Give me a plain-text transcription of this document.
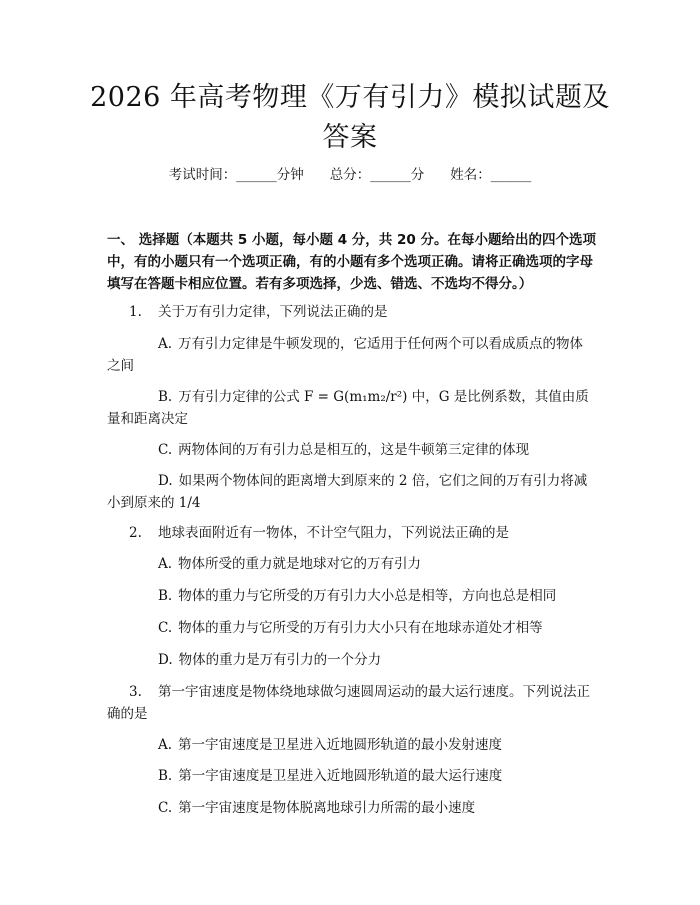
2026 年高考物理《万有引力》模拟试题及答案
考试时间：______分钟 总分：______分 姓名：______
一、 选择题（本题共 5 小题，每小题 4 分，共 20 分。在每小题给出的四个选项中，有的小题只有一个选项正确，有的小题有多个选项正确。请将正确选项的字母填写在答题卡相应位置。若有多项选择，少选、错选、不选均不得分。）
1. 关于万有引力定律，下列说法正确的是
A. 万有引力定律是牛顿发现的，它适用于任何两个可以看成质点的物体之间
B. 万有引力定律的公式 F = G(m₁m₂/r²) 中，G 是比例系数，其值由质量和距离决定
C. 两物体间的万有引力总是相互的，这是牛顿第三定律的体现
D. 如果两个物体间的距离增大到原来的 2 倍，它们之间的万有引力将减小到原来的 1/4
2. 地球表面附近有一物体，不计空气阻力，下列说法正确的是
A. 物体所受的重力就是地球对它的万有引力
B. 物体的重力与它所受的万有引力大小总是相等，方向也总是相同
C. 物体的重力与它所受的万有引力大小只有在地球赤道处才相等
D. 物体的重力是万有引力的一个分力
3. 第一宇宙速度是物体绕地球做匀速圆周运动的最大运行速度。下列说法正确的是
A. 第一宇宙速度是卫星进入近地圆形轨道的最小发射速度
B. 第一宇宙速度是卫星进入近地圆形轨道的最大运行速度
C. 第一宇宙速度是物体脱离地球引力所需的最小速度
